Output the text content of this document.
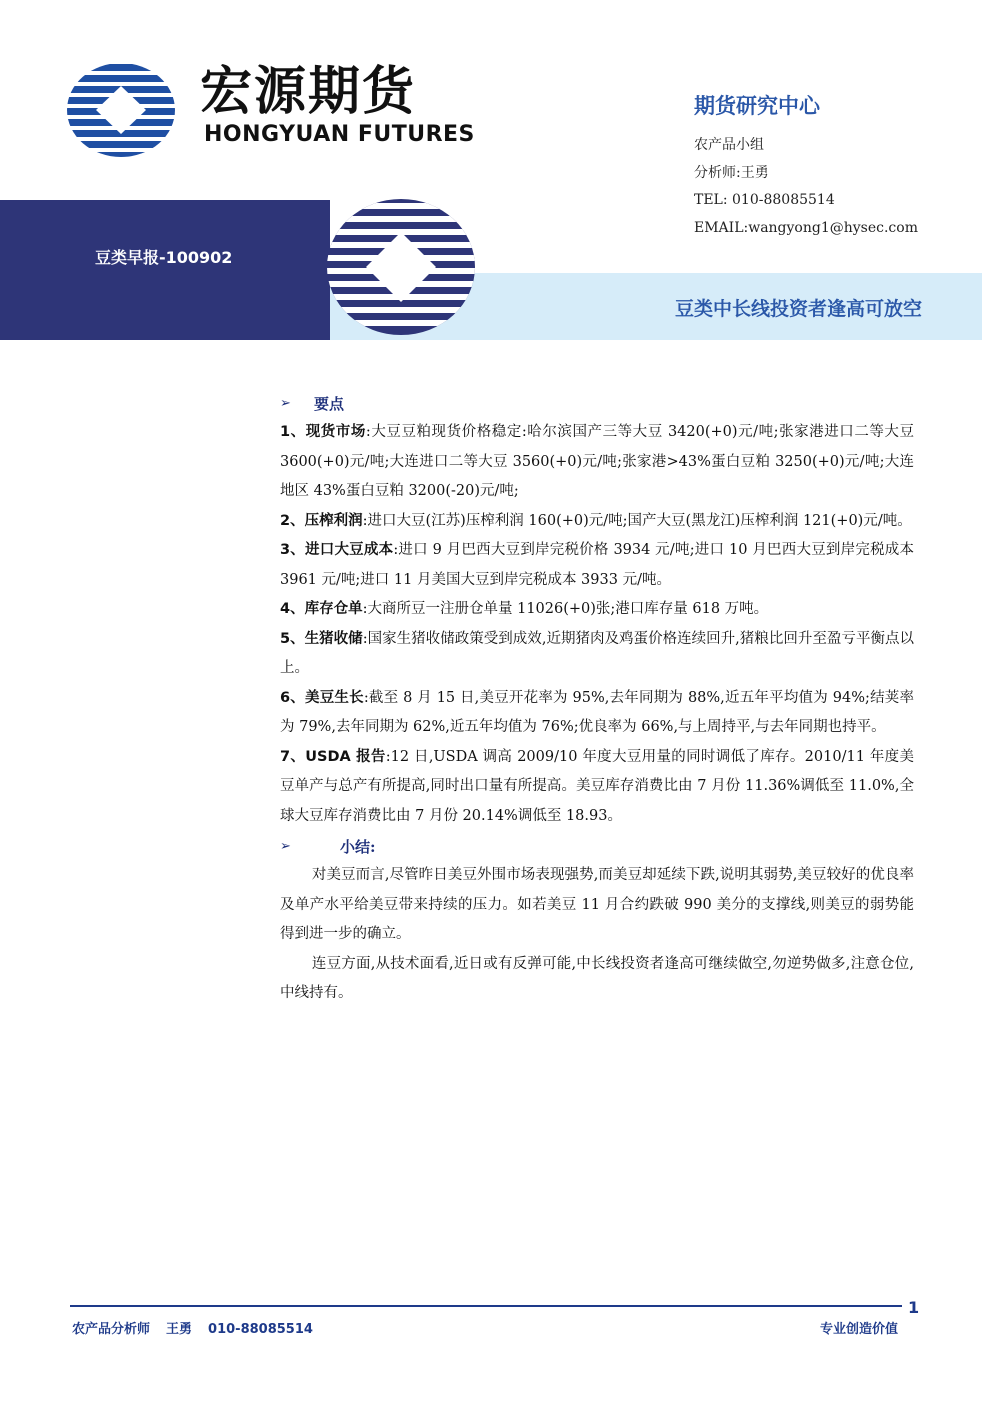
宏源期货
HONGYUAN FUTURES
期货研究中心
农产品小组
分析师:王勇
TEL: 010-88085514
EMAIL:wangyong1@hysec.com
豆类早报-100902
豆类中长线投资者逢高可放空
➢	要点

1、现货市场:大豆豆粕现货价格稳定:哈尔滨国产三等大豆 3420(+0)元/吨;张家港进口二等大豆 3600(+0)元/吨;大连进口二等大豆 3560(+0)元/吨;张家港>43%蛋白豆粕 3250(+0)元/吨;大连地区 43%蛋白豆粕 3200(-20)元/吨;

2、压榨利润:进口大豆(江苏)压榨利润 160(+0)元/吨;国产大豆(黑龙江)压榨利润 121(+0)元/吨。

3、进口大豆成本:进口 9 月巴西大豆到岸完税价格 3934 元/吨;进口 10 月巴西大豆到岸完税成本 3961 元/吨;进口 11 月美国大豆到岸完税成本 3933 元/吨。

4、库存仓单:大商所豆一注册仓单量 11026(+0)张;港口库存量 618 万吨。

5、生猪收储:国家生猪收储政策受到成效,近期猪肉及鸡蛋价格连续回升,猪粮比回升至盈亏平衡点以上。

6、美豆生长:截至 8 月 15 日,美豆开花率为 95%,去年同期为 88%,近五年平均值为 94%;结荚率为 79%,去年同期为 62%,近五年均值为 76%;优良率为 66%,与上周持平,与去年同期也持平。

7、USDA 报告:12 日,USDA 调高 2009/10 年度大豆用量的同时调低了库存。2010/11 年度美豆单产与总产有所提高,同时出口量有所提高。美豆库存消费比由 7 月份 11.36%调低至 11.0%,全球大豆库存消费比由 7 月份 20.14%调低至 18.93。

➢	小结:

对美豆而言,尽管昨日美豆外围市场表现强势,而美豆却延续下跌,说明其弱势,美豆较好的优良率及单产水平给美豆带来持续的压力。如若美豆 11 月合约跌破 990 美分的支撑线,则美豆的弱势能得到进一步的确立。

连豆方面,从技术面看,近日或有反弹可能,中长线投资者逢高可继续做空,勿逆势做多,注意仓位,中线持有。

1
农产品分析师 王勇 010-88085514	专业创造价值
